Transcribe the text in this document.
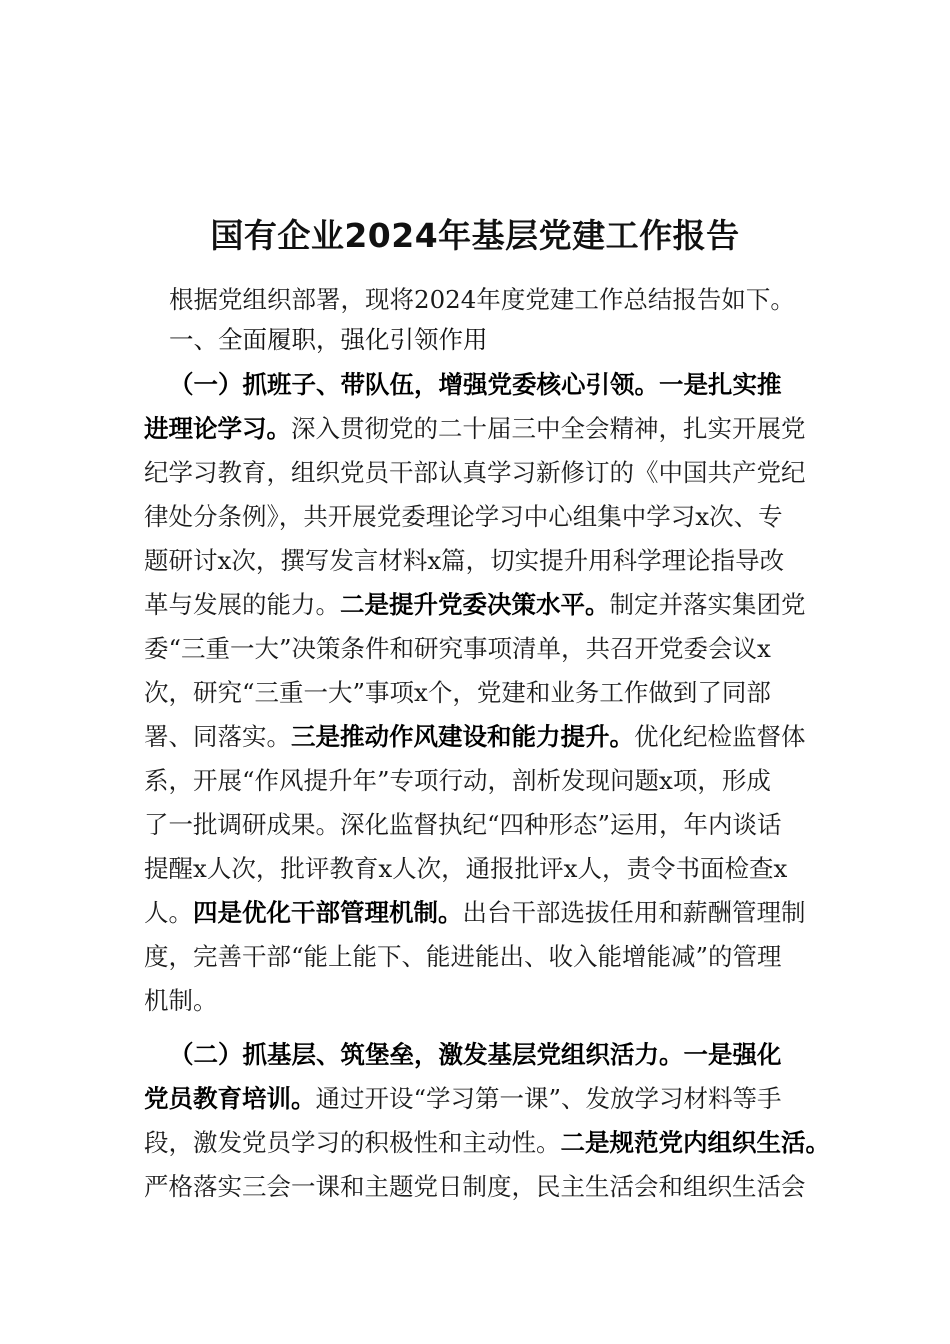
国有企业2024年基层党建工作报告
根据党组织部署，现将2024年度党建工作总结报告如下。
一、全面履职，强化引领作用
（一）抓班子、带队伍，增强党委核心引领。一是扎实推
进理论学习。深入贯彻党的二十届三中全会精神，扎实开展党
纪学习教育，组织党员干部认真学习新修订的《中国共产党纪
律处分条例》，共开展党委理论学习中心组集中学习x次、专
题研讨x次，撰写发言材料x篇，切实提升用科学理论指导改
革与发展的能力。二是提升党委决策水平。制定并落实集团党
委“三重一大”决策条件和研究事项清单，共召开党委会议x
次，研究“三重一大”事项x个，党建和业务工作做到了同部
署、同落实。三是推动作风建设和能力提升。优化纪检监督体
系，开展“作风提升年”专项行动，剖析发现问题x项，形成
了一批调研成果。深化监督执纪“四种形态”运用，年内谈话
提醒x人次，批评教育x人次，通报批评x人，责令书面检查x
人。四是优化干部管理机制。出台干部选拔任用和薪酬管理制
度，完善干部“能上能下、能进能出、收入能增能减”的管理
机制。
（二）抓基层、筑堡垒，激发基层党组织活力。一是强化
党员教育培训。通过开设“学习第一课”、发放学习材料等手
段，激发党员学习的积极性和主动性。二是规范党内组织生活。
严格落实三会一课和主题党日制度，民主生活会和组织生活会
